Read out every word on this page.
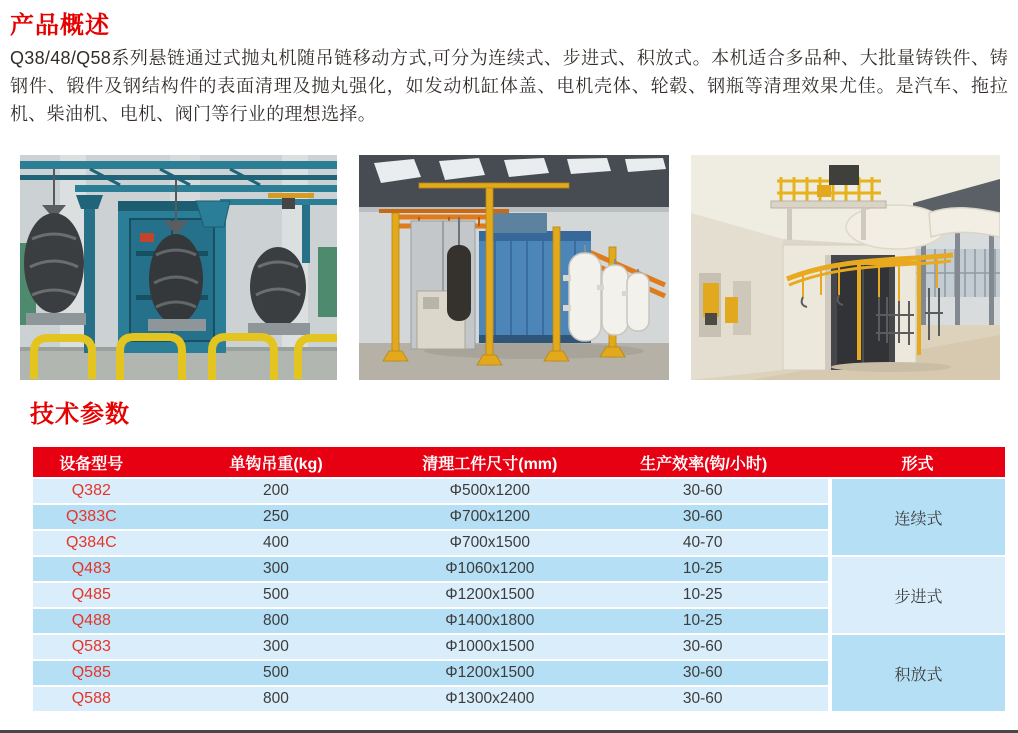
产品概述

Q38/48/Q58系列悬链通过式抛丸机随吊链移动方式,可分为连续式、步进式、积放式。本机适合多品种、大批量铸铁件、铸钢件、锻件及钢结构件的表面清理及抛丸强化，如发动机缸体盖、电机壳体、轮毂、钢瓶等清理效果尤佳。是汽车、拖拉机、柴油机、电机、阀门等行业的理想选择。

技术参数
设备型号	单钩吊重(kg)	清理工件尺寸(mm)	生产效率(钩/小时)	形式
Q382	200	Φ500x1200	30-60	连续式
Q383C	250	Φ700x1200	30-60	
Q384C	400	Φ700x1500	40-70	
Q483	300	Φ1060x1200	10-25	步进式
Q485	500	Φ1200x1500	10-25	
Q488	800	Φ1400x1800	10-25	
Q583	300	Φ1000x1500	30-60	积放式
Q585	500	Φ1200x1500	30-60	
Q588	800	Φ1300x2400	30-60	
